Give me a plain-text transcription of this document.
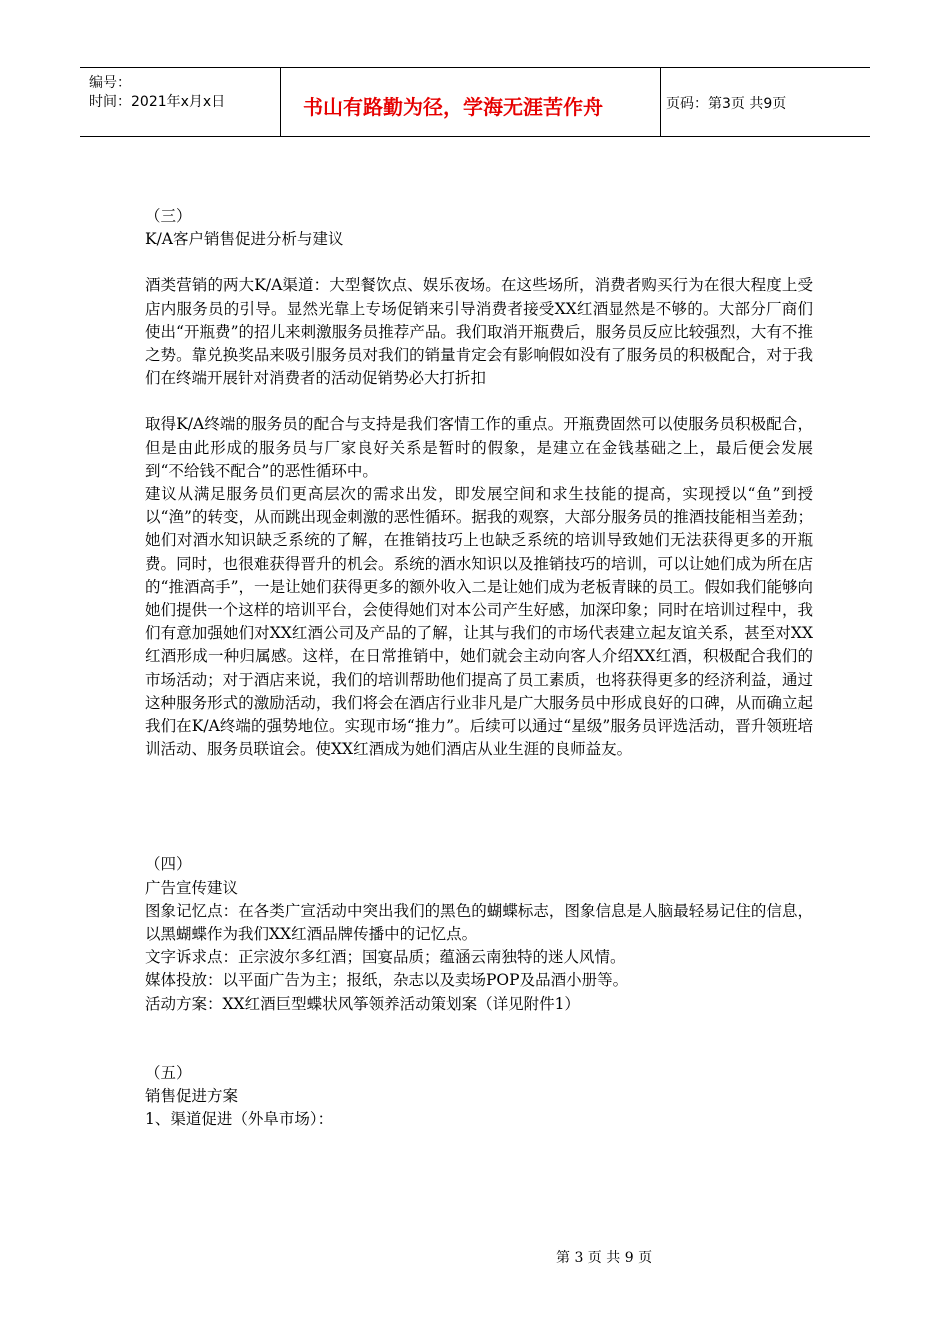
编号：
时间：2021年x月x日	书山有路勤为径，学海无涯苦作舟	页码：第3页 共9页

（三）

K/A客户销售促进分析与建议

酒类营销的两大K/A渠道：大型餐饮点、娱乐夜场。在这些场所，消费者购买行为在很大程度上受店内服务员的引导。显然光靠上专场促销来引导消费者接受XX红酒显然是不够的。大部分厂商们使出“开瓶费”的招儿来刺激服务员推荐产品。我们取消开瓶费后，服务员反应比较强烈，大有不推之势。靠兑换奖品来吸引服务员对我们的销量肯定会有影响假如没有了服务员的积极配合，对于我们在终端开展针对消费者的活动促销势必大打折扣

取得K/A终端的服务员的配合与支持是我们客情工作的重点。开瓶费固然可以使服务员积极配合，但是由此形成的服务员与厂家良好关系是暂时的假象，是建立在金钱基础之上，最后便会发展到“不给钱不配合”的恶性循环中。

建议从满足服务员们更高层次的需求出发，即发展空间和求生技能的提高，实现授以“鱼”到授以“渔”的转变，从而跳出现金刺激的恶性循环。据我的观察，大部分服务员的推酒技能相当差劲；她们对酒水知识缺乏系统的了解，在推销技巧上也缺乏系统的培训导致她们无法获得更多的开瓶费。同时，也很难获得晋升的机会。系统的酒水知识以及推销技巧的培训，可以让她们成为所在店的“推酒高手”，一是让她们获得更多的额外收入二是让她们成为老板青睐的员工。假如我们能够向她们提供一个这样的培训平台，会使得她们对本公司产生好感，加深印象；同时在培训过程中，我们有意加强她们对XX红酒公司及产品的了解，让其与我们的市场代表建立起友谊关系，甚至对XX红酒形成一种归属感。这样，在日常推销中，她们就会主动向客人介绍XX红酒，积极配合我们的市场活动；对于酒店来说，我们的培训帮助他们提高了员工素质，也将获得更多的经济利益，通过这种服务形式的激励活动，我们将会在酒店行业非凡是广大服务员中形成良好的口碑，从而确立起我们在K/A终端的强势地位。实现市场“推力”。后续可以通过“星级”服务员评选活动，晋升领班培训活动、服务员联谊会。使XX红酒成为她们酒店从业生涯的良师益友。

（四）

广告宣传建议

图象记忆点：在各类广宣活动中突出我们的黑色的蝴蝶标志，图象信息是人脑最轻易记住的信息，以黑蝴蝶作为我们XX红酒品牌传播中的记忆点。

文字诉求点：正宗波尔多红酒；国宴品质；蕴涵云南独特的迷人风情。

媒体投放：以平面广告为主；报纸，杂志以及卖场POP及品酒小册等。

活动方案：XX红酒巨型蝶状风筝领养活动策划案（详见附件1）

（五）

销售促进方案

1、渠道促进（外阜市场）：

第 3 页 共 9 页
